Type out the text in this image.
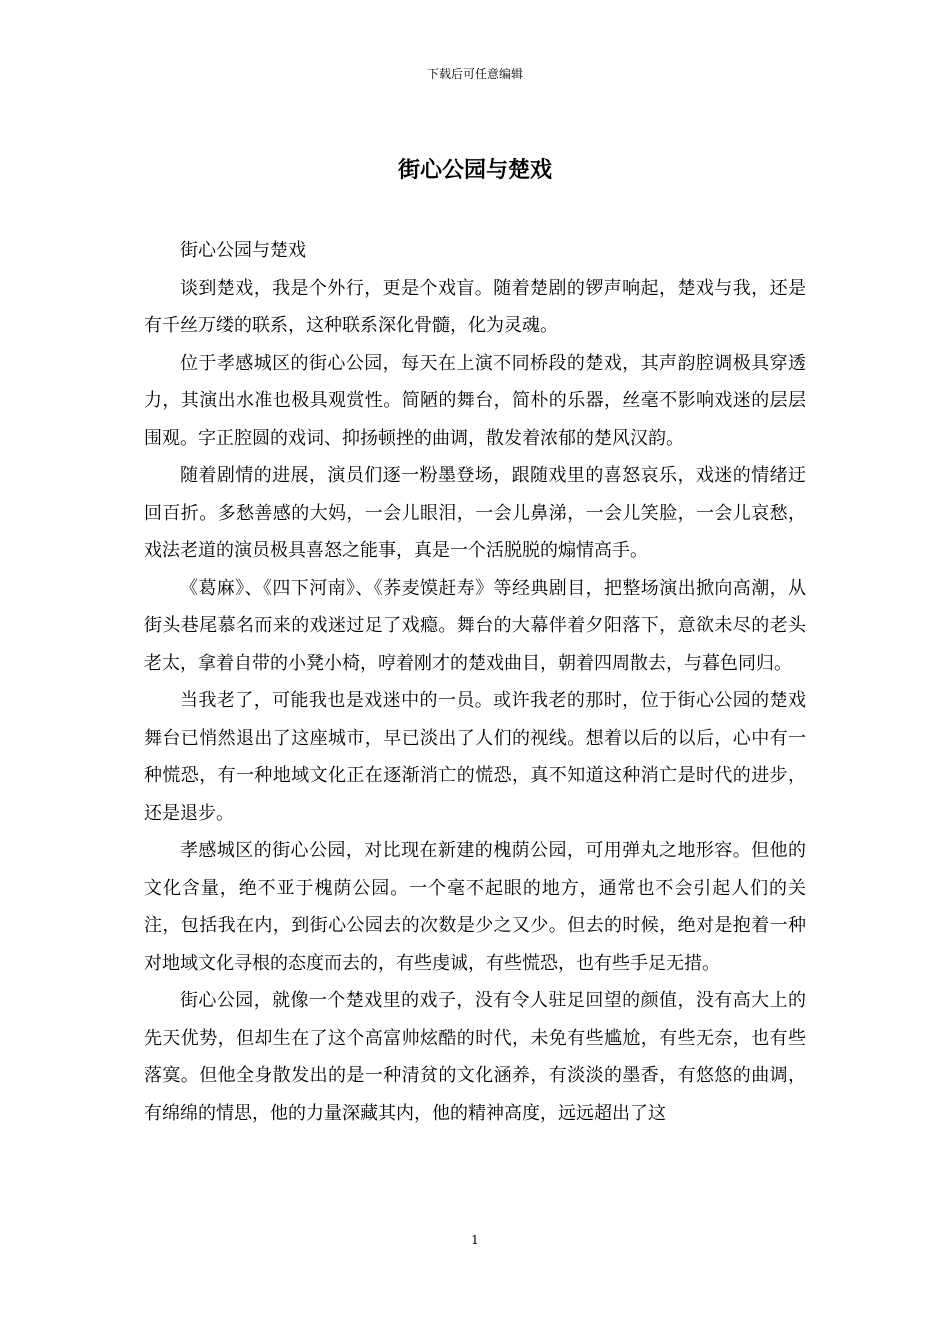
下载后可任意编辑
街心公园与楚戏

街心公园与楚戏

谈到楚戏，我是个外行，更是个戏盲。随着楚剧的锣声响起，楚戏与我，还是有千丝万缕的联系，这种联系深化骨髓，化为灵魂。

位于孝感城区的街心公园，每天在上演不同桥段的楚戏，其声韵腔调极具穿透力，其演出水准也极具观赏性。简陋的舞台，简朴的乐器，丝毫不影响戏迷的层层围观。字正腔圆的戏词、抑扬顿挫的曲调，散发着浓郁的楚风汉韵。

随着剧情的进展，演员们逐一粉墨登场，跟随戏里的喜怒哀乐，戏迷的情绪迂回百折。多愁善感的大妈，一会儿眼泪，一会儿鼻涕，一会儿笑脸，一会儿哀愁，戏法老道的演员极具喜怒之能事，真是一个活脱脱的煽情高手。

《葛麻》、《四下河南》、《荞麦馍赶寿》等经典剧目，把整场演出掀向高潮，从街头巷尾慕名而来的戏迷过足了戏瘾。舞台的大幕伴着夕阳落下，意欲未尽的老头老太，拿着自带的小凳小椅，哼着刚才的楚戏曲目，朝着四周散去，与暮色同归。

当我老了，可能我也是戏迷中的一员。或许我老的那时，位于街心公园的楚戏舞台已悄然退出了这座城市，早已淡出了人们的视线。想着以后的以后，心中有一种慌恐，有一种地域文化正在逐渐消亡的慌恐，真不知道这种消亡是时代的进步，还是退步。

孝感城区的街心公园，对比现在新建的槐荫公园，可用弹丸之地形容。但他的文化含量，绝不亚于槐荫公园。一个毫不起眼的地方，通常也不会引起人们的关注，包括我在内，到街心公园去的次数是少之又少。但去的时候，绝对是抱着一种对地域文化寻根的态度而去的，有些虔诚，有些慌恐，也有些手足无措。

街心公园，就像一个楚戏里的戏子，没有令人驻足回望的颜值，没有高大上的先天优势，但却生在了这个高富帅炫酷的时代，未免有些尴尬，有些无奈，也有些落寞。但他全身散发出的是一种清贫的文化涵养，有淡淡的墨香，有悠悠的曲调，有绵绵的情思，他的力量深藏其内，他的精神高度，远远超出了这

1
